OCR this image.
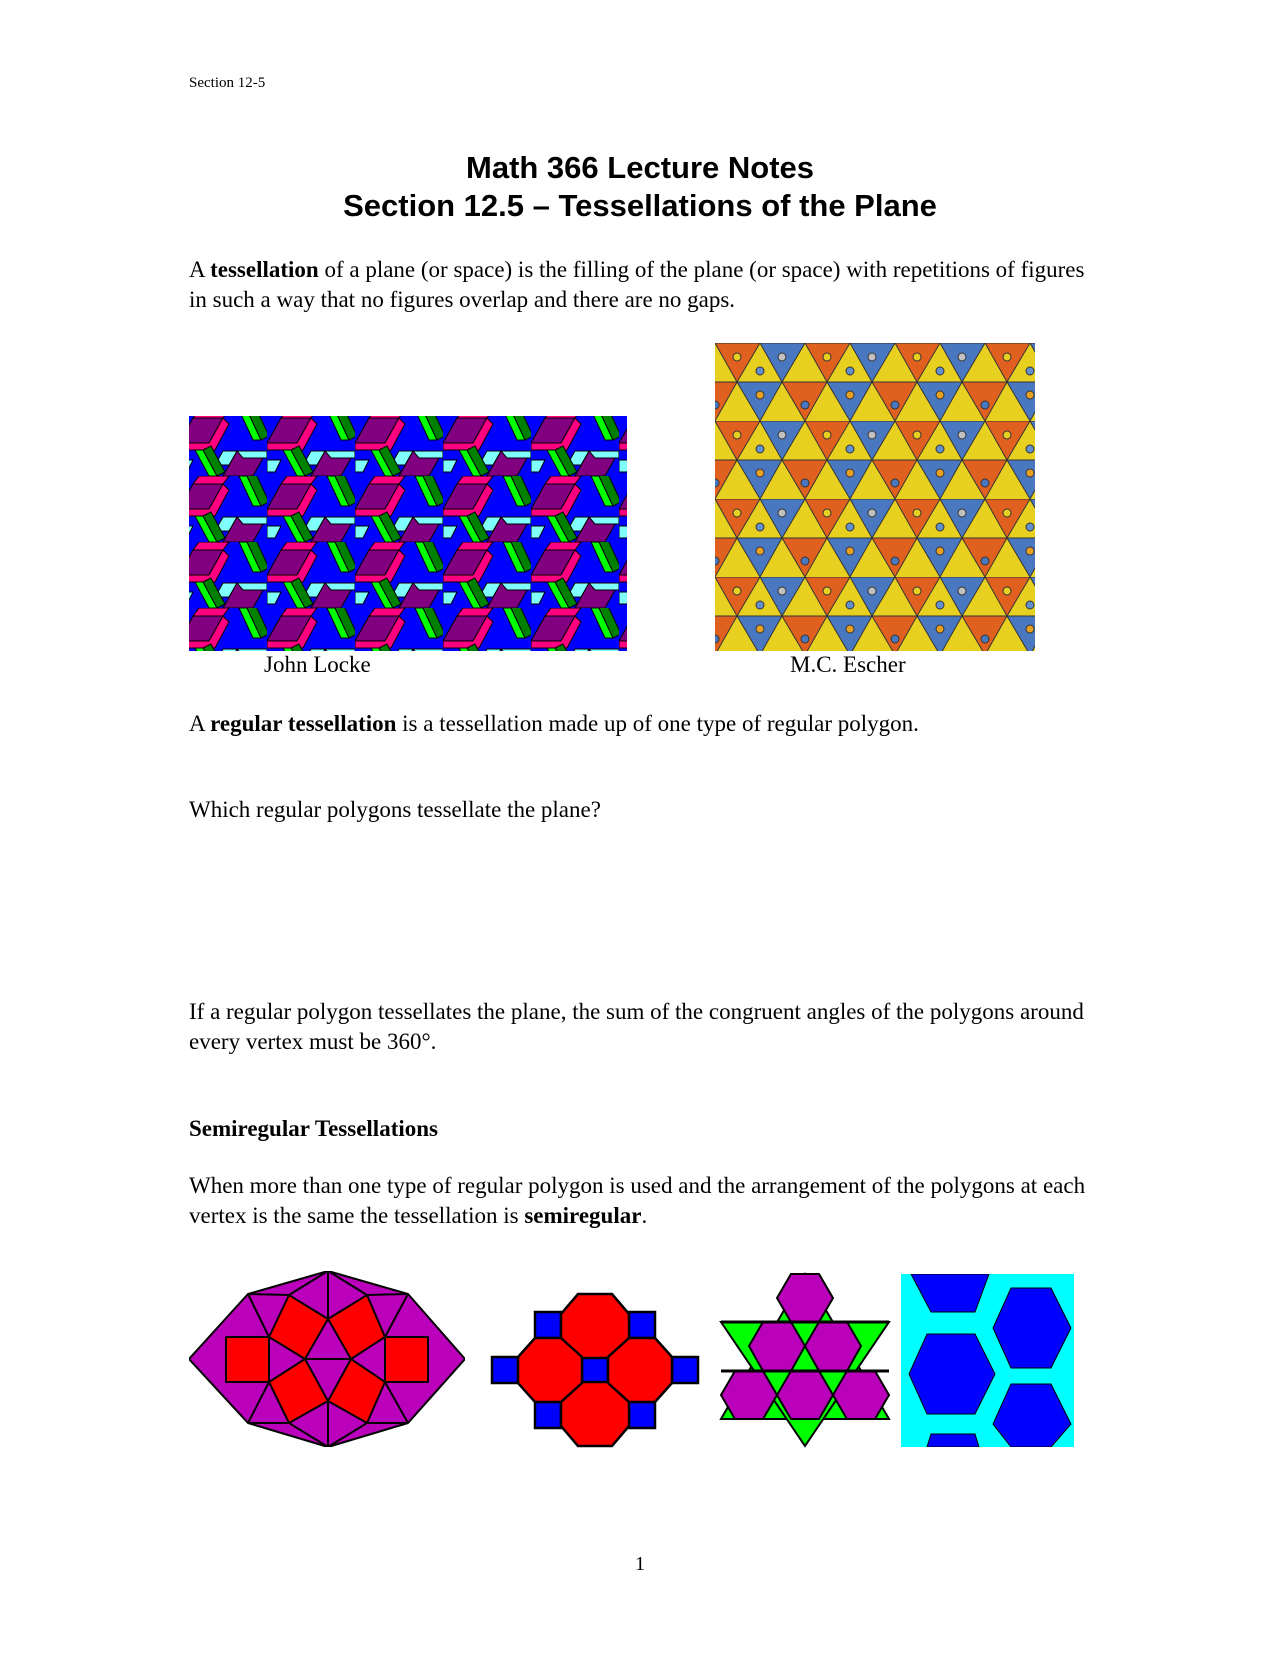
Section 12-5
Math 366 Lecture Notes
Section 12.5 – Tessellations of the Plane
A tessellation of a plane (or space) is the filling of the plane (or space) with repetitions of figures in such a way that no figures overlap and there are no gaps.
John Locke	M.C. Escher
A regular tessellation is a tessellation made up of one type of regular polygon.
Which regular polygons tessellate the plane?
If a regular polygon tessellates the plane, the sum of the congruent angles of the polygons around every vertex must be 360°.
Semiregular Tessellations
When more than one type of regular polygon is used and the arrangement of the polygons at each vertex is the same the tessellation is semiregular.
1
